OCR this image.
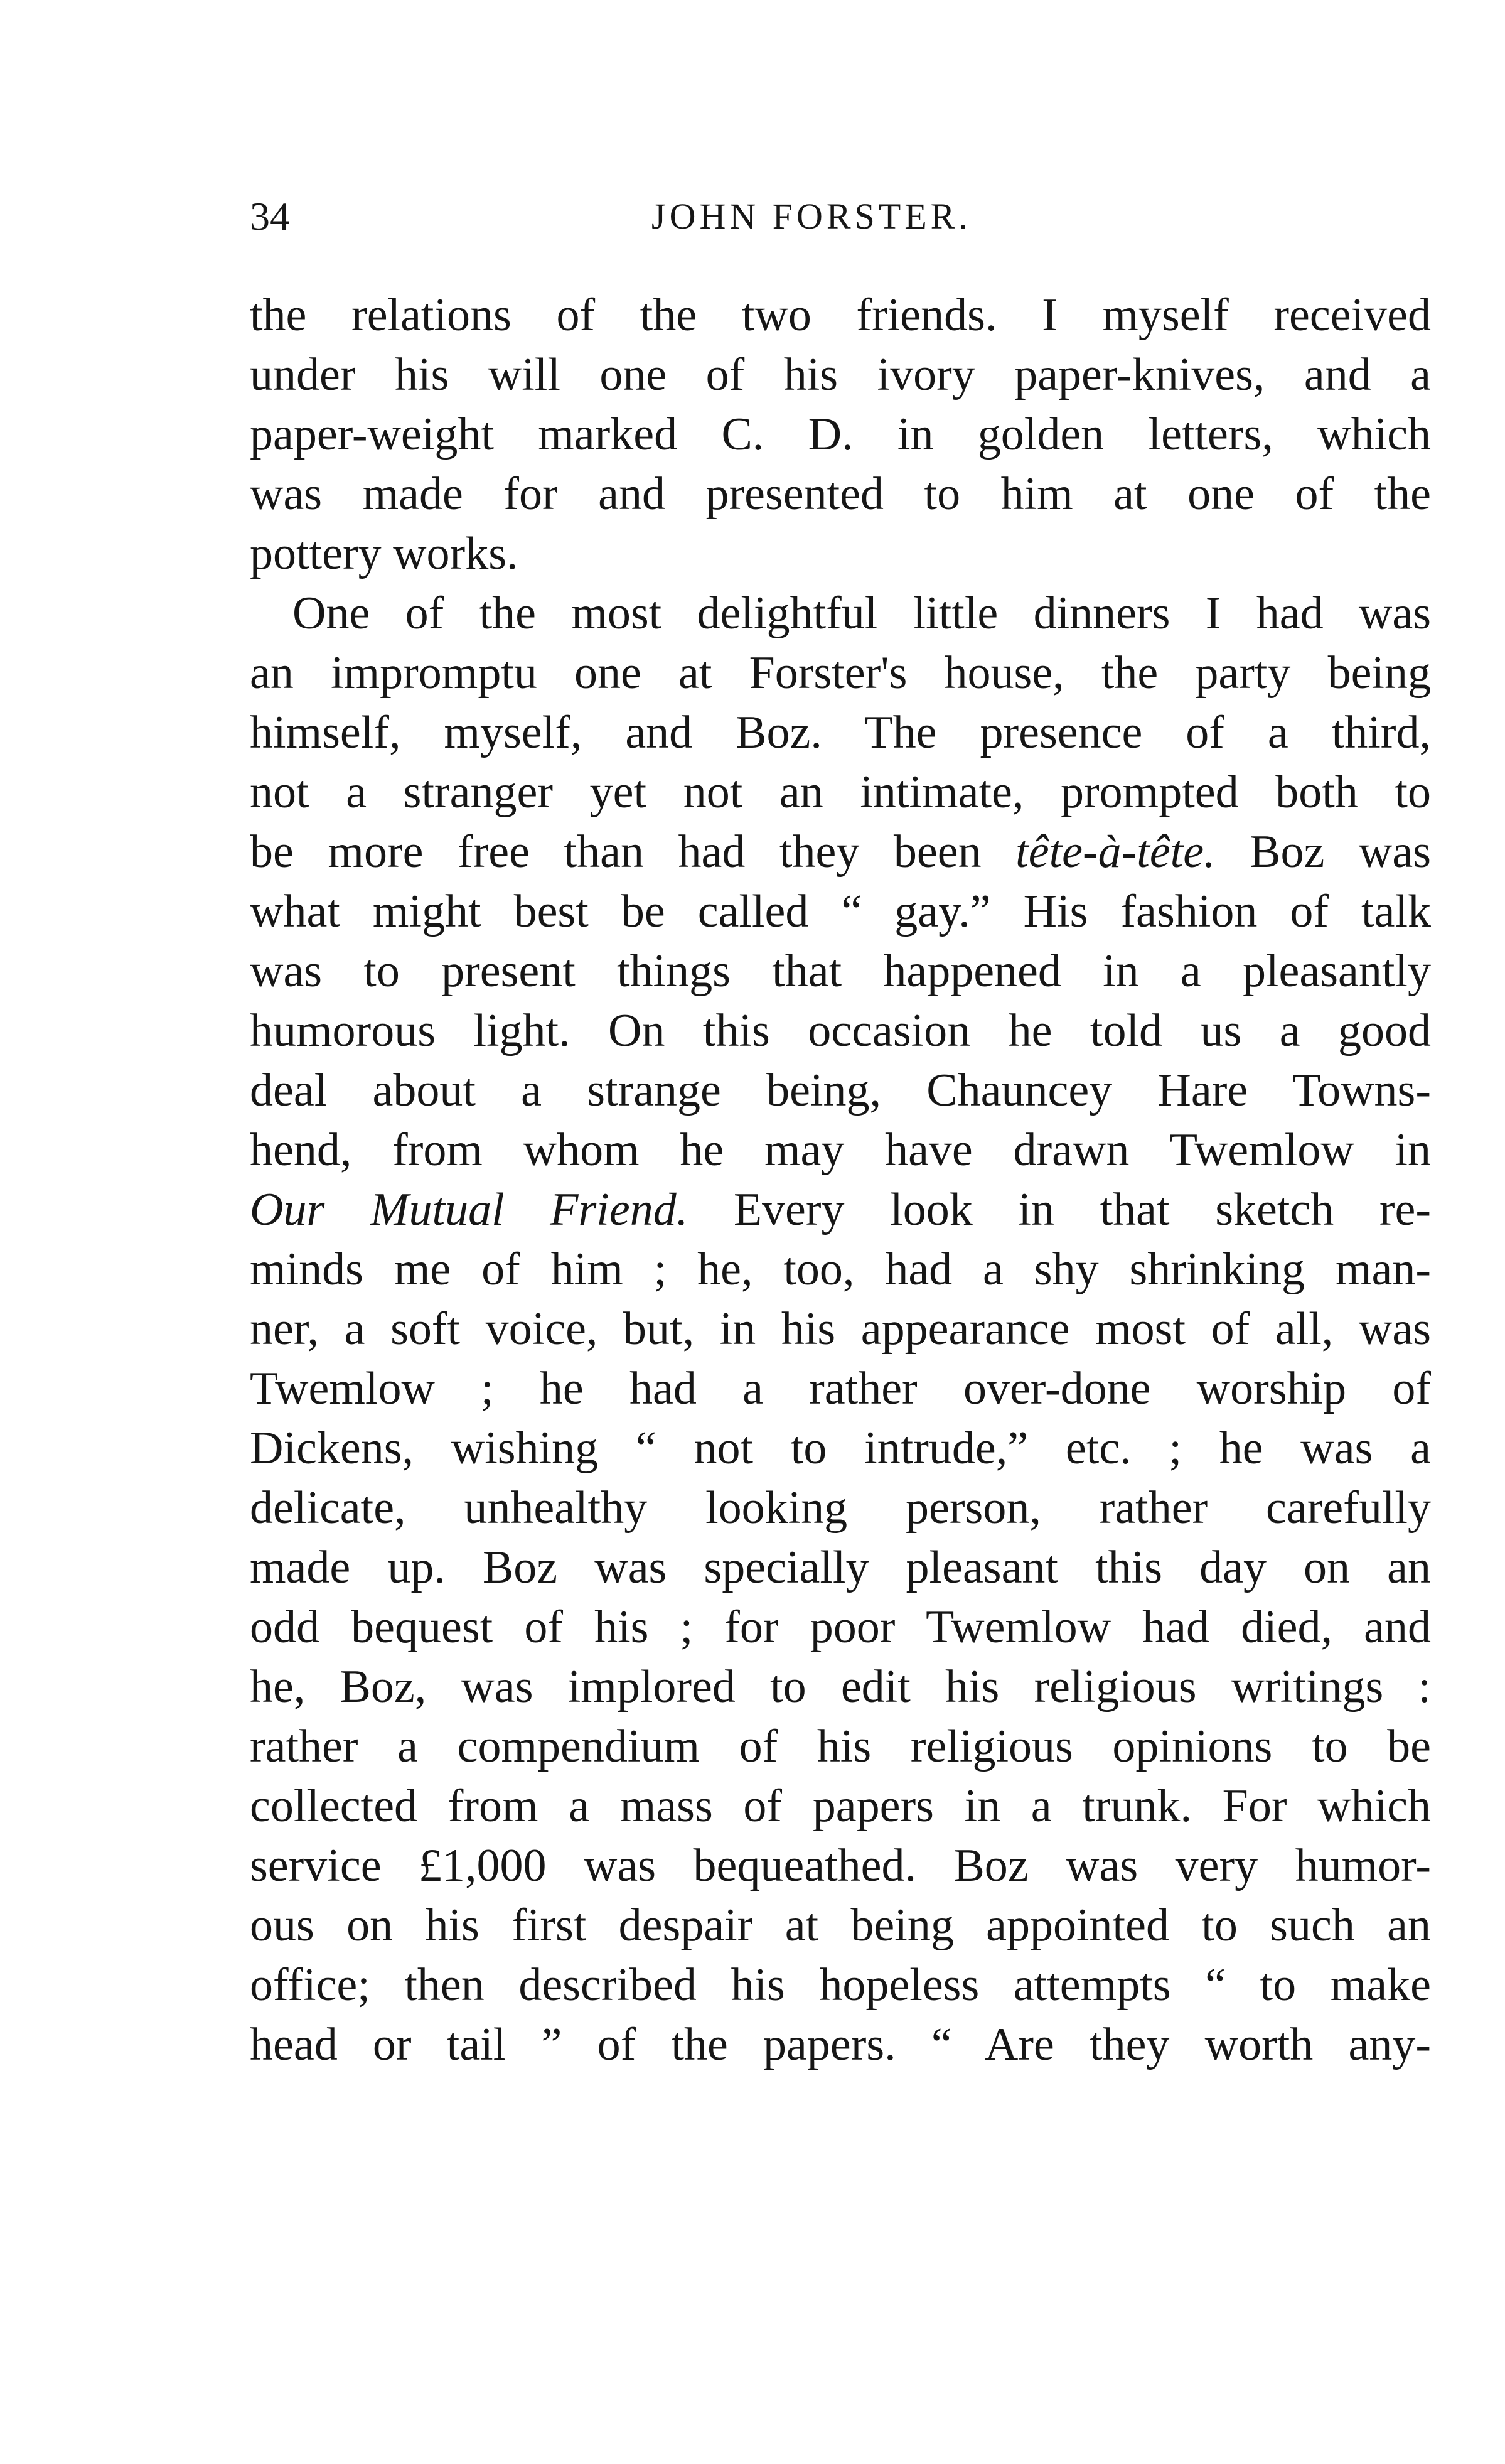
34	JOHN FORSTER.
the relations of the two friends. I myself received
under his will one of his ivory paper-knives, and a
paper-weight marked C. D. in golden letters, which
was made for and presented to him at one of the
pottery works.
One of the most delightful little dinners I had was
an impromptu one at Forster's house, the party being
himself, myself, and Boz. The presence of a third,
not a stranger yet not an intimate, prompted both to
be more free than had they been tête-à-tête. Boz was
what might best be called “ gay.” His fashion of talk
was to present things that happened in a pleasantly
humorous light. On this occasion he told us a good
deal about a strange being, Chauncey Hare Towns-
hend, from whom he may have drawn Twemlow in
Our Mutual Friend. Every look in that sketch re-
minds me of him ; he, too, had a shy shrinking man-
ner, a soft voice, but, in his appearance most of all, was
Twemlow ; he had a rather over-done worship of
Dickens, wishing “ not to intrude,” etc. ; he was a
delicate, unhealthy looking person, rather carefully
made up. Boz was specially pleasant this day on an
odd bequest of his ; for poor Twemlow had died, and
he, Boz, was implored to edit his religious writings :
rather a compendium of his religious opinions to be
collected from a mass of papers in a trunk. For which
service £1,000 was bequeathed. Boz was very humor-
ous on his first despair at being appointed to such an
office; then described his hopeless attempts “ to make
head or tail ” of the papers. “ Are they worth any-
